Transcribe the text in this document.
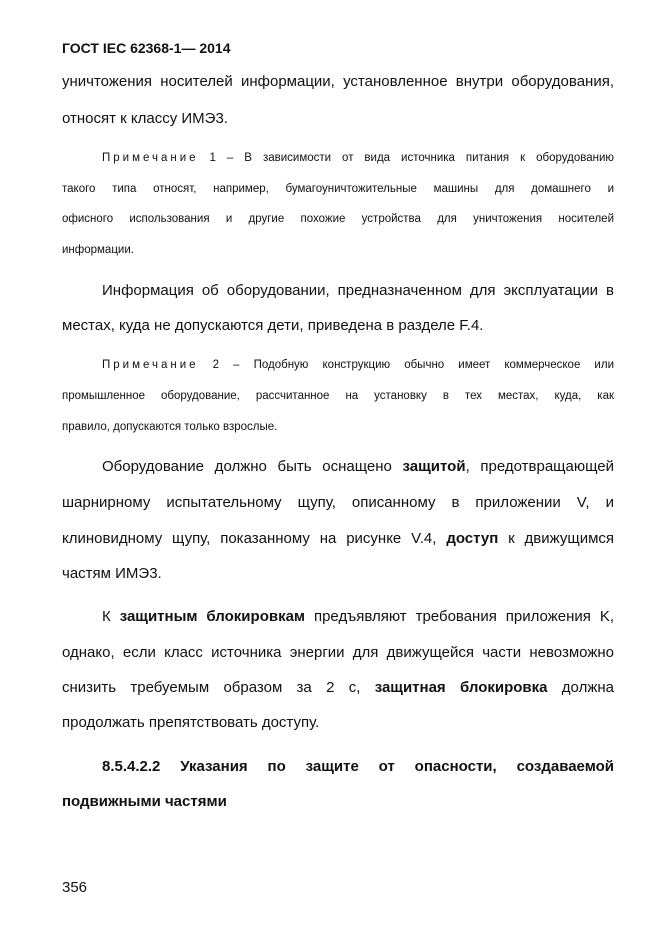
ГОСТ IEC 62368-1— 2014
уничтожения носителей информации, установленное внутри оборудования,
относят к классу ИМЭ3.
Примечание 1 – В зависимости от вида источника питания к оборудованию
такого типа относят, например, бумагоуничтожительные машины для домашнего и
офисного использования и другие похожие устройства для уничтожения носителей
информации.
Информация об оборудовании, предназначенном для эксплуатации в
местах, куда не допускаются дети, приведена в разделе F.4.
Примечание 2 – Подобную конструкцию обычно имеет коммерческое или
промышленное оборудование, рассчитанное на установку в тех местах, куда, как
правило, допускаются только взрослые.
Оборудование должно быть оснащено защитой, предотвращающей
шарнирному испытательному щупу, описанному в приложении V, и
клиновидному щупу, показанному на рисунке V.4, доступ к движущимся
частям ИМЭ3.
К защитным блокировкам предъявляют требования приложения K,
однако, если класс источника энергии для движущейся части невозможно
снизить требуемым образом за 2 с, защитная блокировка должна
продолжать препятствовать доступу.
8.5.4.2.2 Указания по защите от опасности, создаваемой
подвижными частями
356
